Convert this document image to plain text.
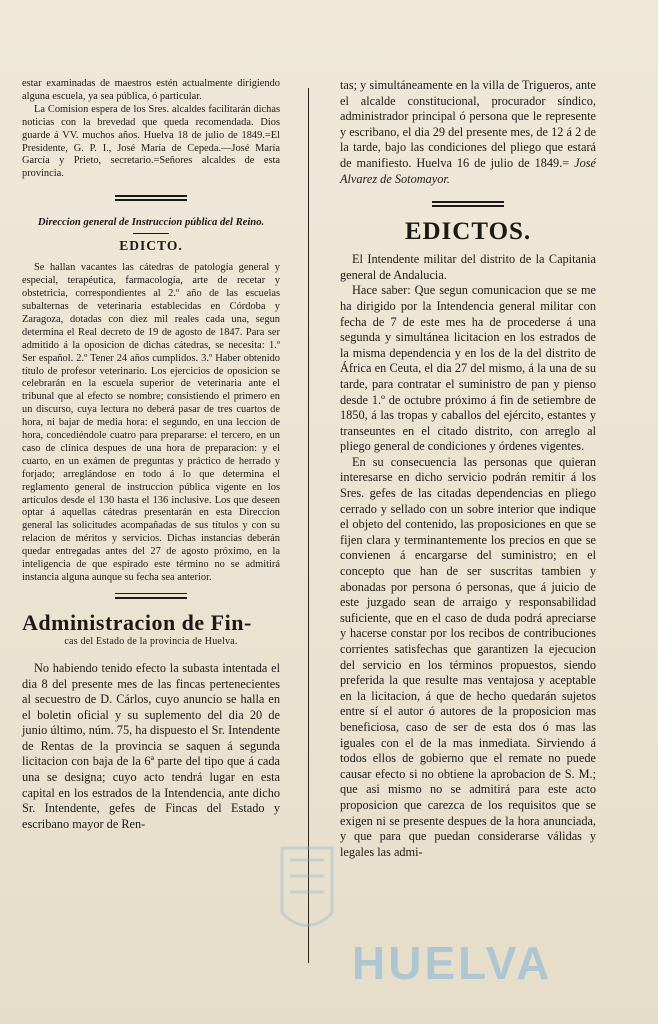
estar examinadas de maestros estén actualmente dirigiendo alguna escuela, ya sea pública, ó particular.

La Comision espera de los Sres. alcaldes facilitarán dichas noticias con la brevedad que queda recomendada. Dios guarde á VV. muchos años. Huelva 18 de julio de 1849.=El Presidente, G. P. I., José María de Cepeda.—José María García y Prieto, secretario.=Señores alcaldes de esta provincia.

Direccion general de Instruccion pública del Reino.

EDICTO.

Se hallan vacantes las cátedras de patología general y especial, terapéutica, farmacología, arte de recetar y obstetricia, correspondientes al 2.º año de las escuelas subalternas de veterinaria establecidas en Córdoba y Zaragoza, dotadas con diez mil reales cada una, segun determina el Real decreto de 19 de agosto de 1847. Para ser admitido á la oposicion de dichas cátedras, se necesita: 1.º Ser español. 2.º Tener 24 años cumplidos. 3.º Haber obtenido título de profesor veterinario. Los ejercicios de oposicion se celebrarán en la escuela superior de veterinaria ante el tribunal que al efecto se nombre; consistiendo el primero en un discurso, cuya lectura no deberá pasar de tres cuartos de hora, ni bajar de media hora: el segundo, en una leccion de hora, concediéndole cuatro para prepararse: el tercero, en un caso de clínica despues de una hora de preparacion: y el cuarto, en un exámen de preguntas y práctico de herrado y forjado; arreglándose en todo á lo que determina el reglamento general de instruccion pública vigente en los artículos desde el 130 hasta el 136 inclusive. Los que deseen optar á aquellas cátedras presentarán en esta Direccion general las solicitudes acompañadas de sus títulos y con su relacion de méritos y servicios. Dichas instancias deberán quedar entregadas antes del 27 de agosto próximo, en la inteligencia de que espirado este término no se admitirá instancia alguna aunque su fecha sea anterior.

Administracion de Fin-

cas del Estado de la provincia de Huelva.

No habiendo tenido efecto la subasta intentada el dia 8 del presente mes de las fincas pertenecientes al secuestro de D. Cárlos, cuyo anuncio se halla en el boletin oficial y su suplemento del dia 20 de junio último, núm. 75, ha dispuesto el Sr. Intendente de Rentas de la provincia se saquen á segunda licitacion con baja de la 6ª parte del tipo que á cada una se designa; cuyo acto tendrá lugar en esta capital en los estrados de la Intendencia, ante dicho Sr. Intendente, gefes de Fincas del Estado y escribano mayor de Ren-

tas; y simultáneamente en la villa de Trigueros, ante el alcalde constitucional, procurador síndico, administrador principal ó persona que le represente y escribano, el dia 29 del presente mes, de 12 á 2 de la tarde, bajo las condiciones del pliego que estará de manifiesto. Huelva 16 de julio de 1849.= José Alvarez de Sotomayor.

EDICTOS.

El Intendente militar del distrito de la Capitania general de Andalucia.

Hace saber: Que segun comunicacion que se me ha dirigido por la Intendencia general militar con fecha de 7 de este mes ha de procederse á una segunda y simultánea licitacion en los estrados de la misma dependencia y en los de la del distrito de África en Ceuta, el dia 27 del mismo, á la una de su tarde, para contratar el suministro de pan y pienso desde 1.º de octubre próximo á fin de setiembre de 1850, á las tropas y caballos del ejército, estantes y transeuntes en el citado distrito, con arreglo al pliego general de condiciones y órdenes vigentes.

En su consecuencia las personas que quieran interesarse en dicho servicio podrán remitir á los Sres. gefes de las citadas dependencias en pliego cerrado y sellado con un sobre interior que indique el objeto del contenido, las proposiciones en que se fijen clara y terminantemente los precios en que se convienen á encargarse del suministro; en el concepto que han de ser suscritas tambien y abonadas por persona ó personas, que á juicio de este juzgado sean de arraigo y responsabilidad suficiente, que en el caso de duda podrá apreciarse y hacerse constar por los recibos de contribuciones corrientes satisfechas que garantizen la ejecucion del servicio en los términos propuestos, siendo preferida la que resulte mas ventajosa y aceptable en la licitacion, á que de hecho quedarán sujetos entre sí el autor ó autores de la proposicion mas beneficiosa, caso de ser de esta dos ó mas las iguales con el de la mas inmediata. Sirviendo á todos ellos de gobierno que el remate no puede causar efecto si no obtiene la aprobacion de S. M.; que asi mismo no se admitirá para este acto proposicion que carezca de los requisitos que se exigen ni se presente despues de la hora anunciada, y que para que puedan considerarse válidas y legales las admi-

HUELVA
